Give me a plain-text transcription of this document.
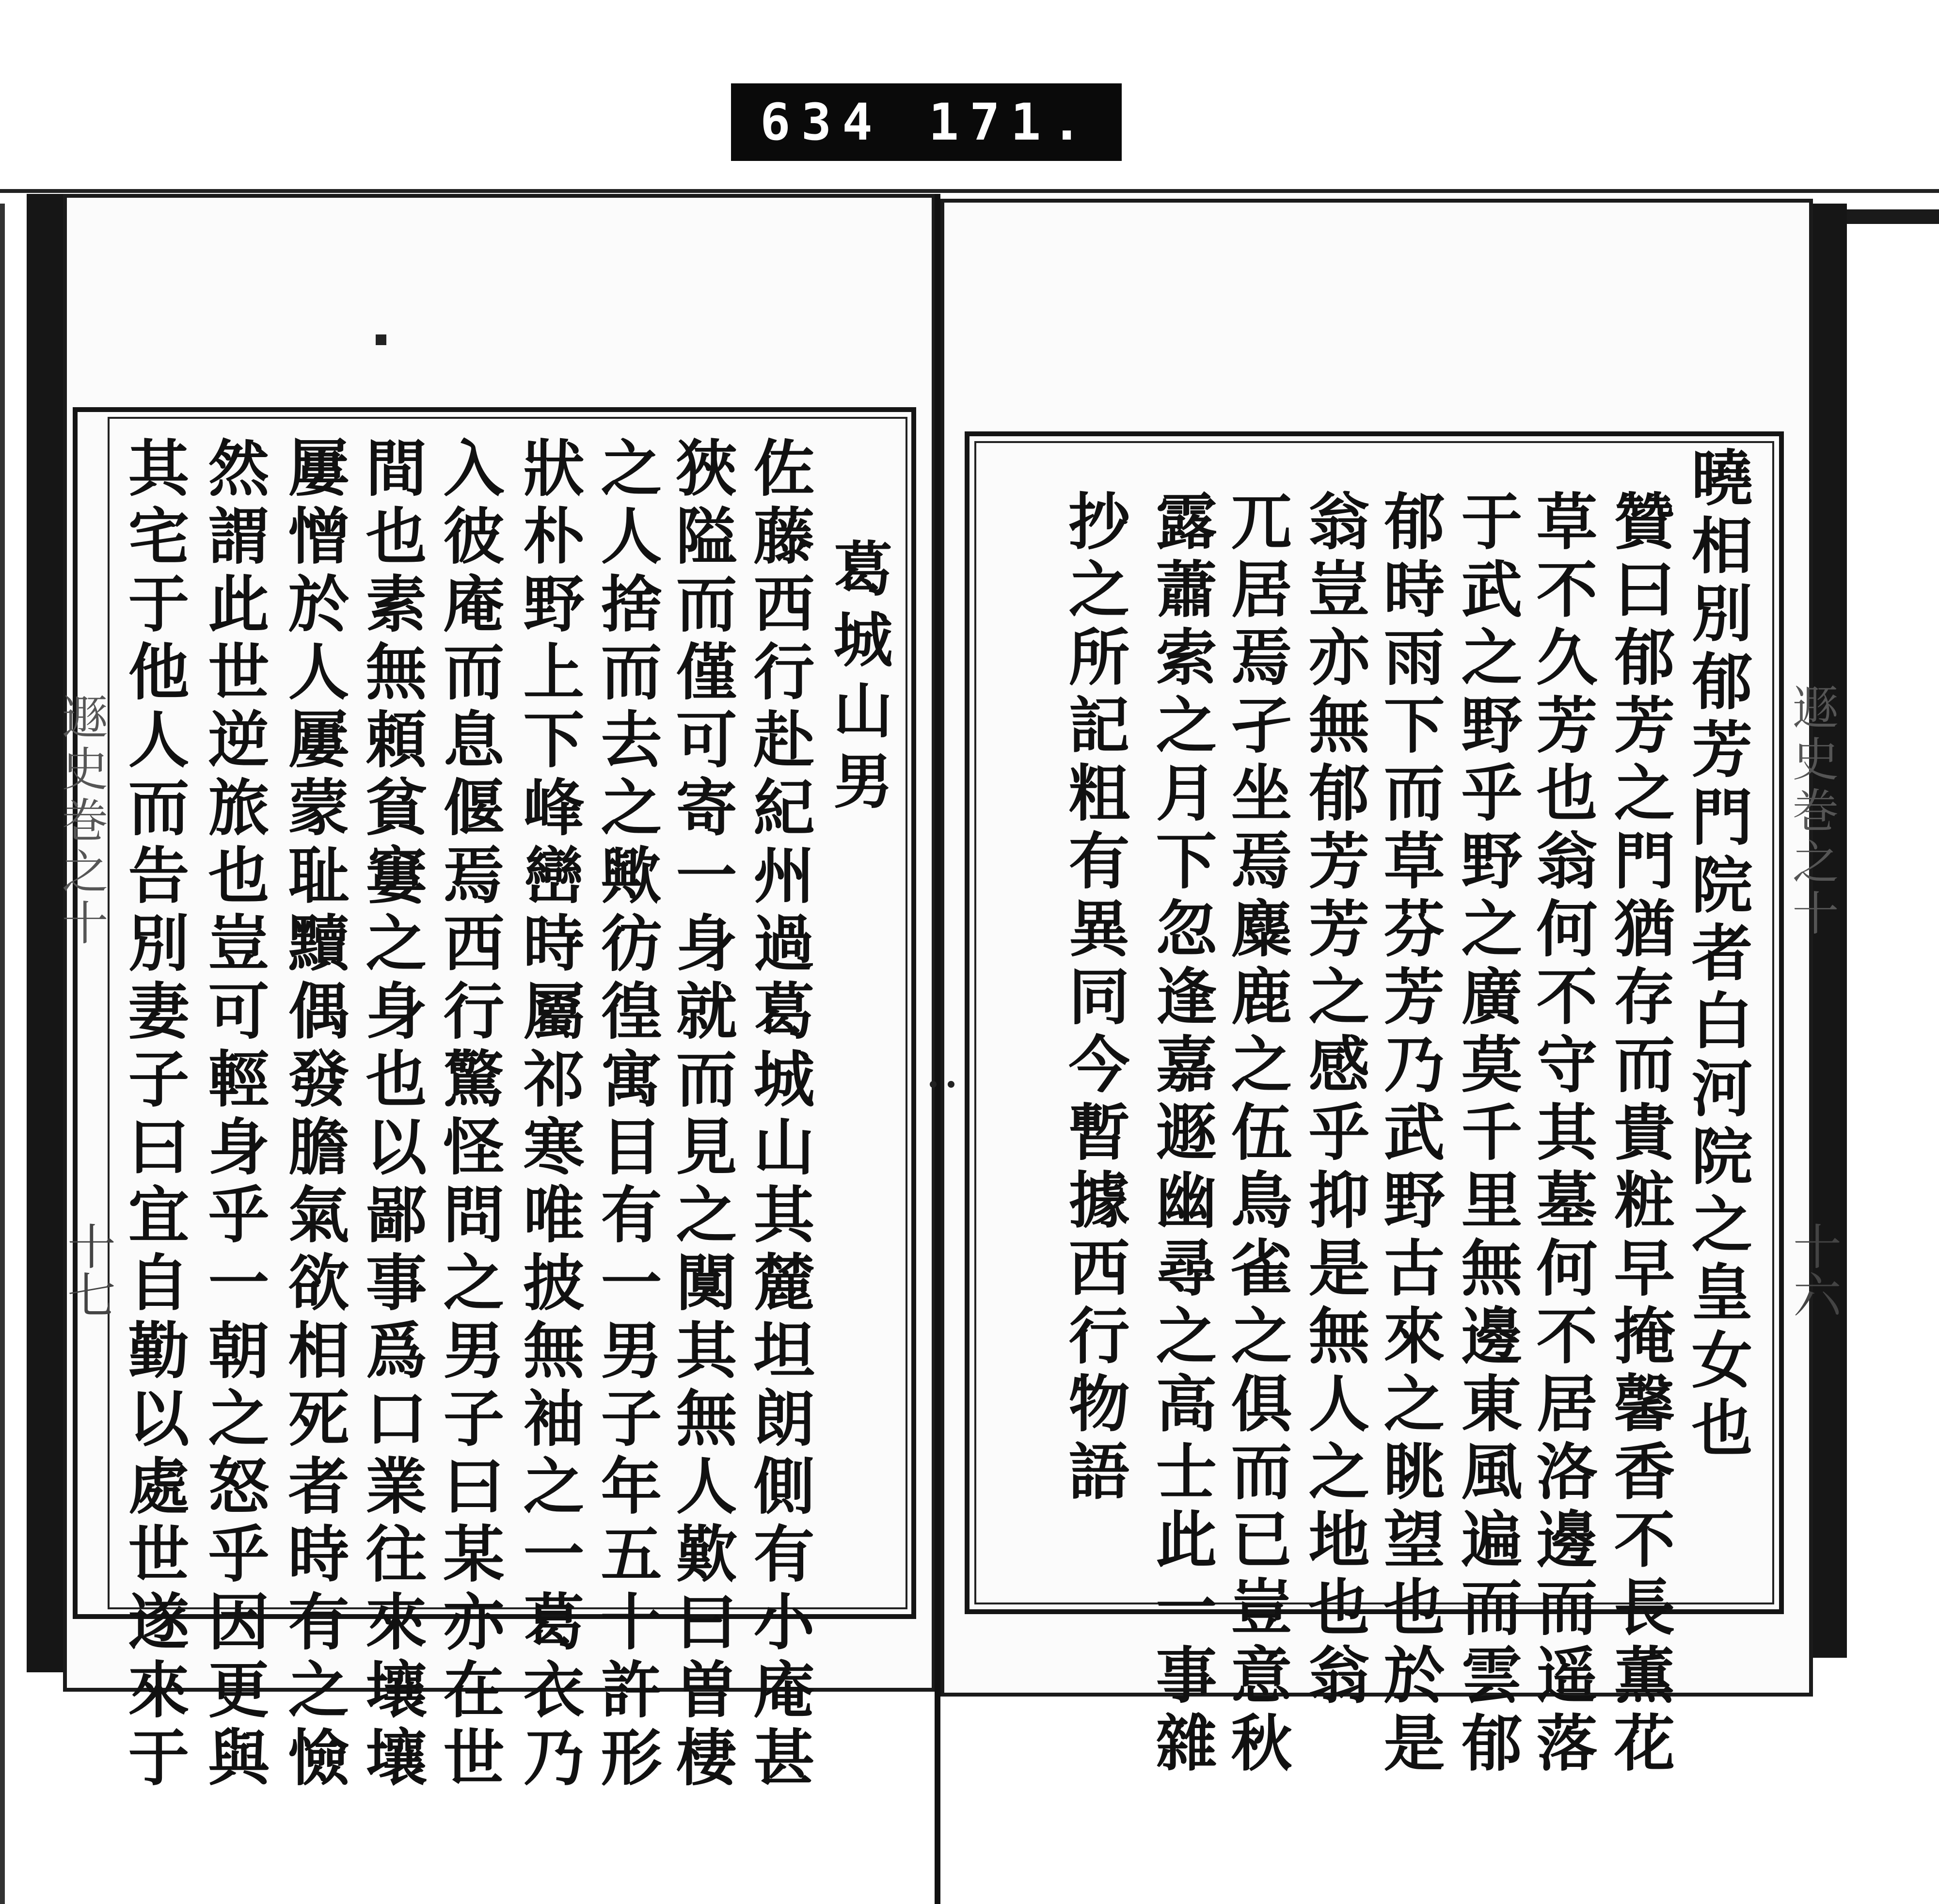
634 171.
遯史巻之十
十七
葛城山男
佐藤西行赴紀州過葛城山其麓坦朗側有小庵甚
狹隘而僅可寄一身就而見之闃其無人歎曰曽棲
之人捨而去之歟彷徨寓目有一男子年五十許形
狀朴野上下峰巒時屬祁寒唯披無袖之一葛衣乃
入彼庵而息偃焉西行驚怪問之男子曰某亦在世
間也素無頼貧窶之身也以鄙事爲口業往來壤壤
屢憎於人屢蒙耻黷偶發膽氣欲相死者時有之憸
然謂此世逆旅也豈可輕身乎一朝之怒乎因更與
其宅于他人而告別妻子曰宜自勤以處世遂來于	遯史巻之十
十六
曉相別郁芳門院者白河院之皇女也
贊曰郁芳之門猶存而貴粧早掩馨香不長薫花
草不久芳也翁何不守其墓何不居洛邊而遥落
于武之野乎野之廣莫千里無邊東風遍而雲郁
郁時雨下而草芬芳乃武野古來之眺望也於是
翁豈亦無郁芳芳之感乎抑是無人之地也翁
兀居焉孑坐焉麋鹿之伍鳥雀之俱而已豈意秋
露蕭索之月下忽逢嘉遯幽尋之高士此一事雜
抄之所記粗有異同今暫據西行物語
